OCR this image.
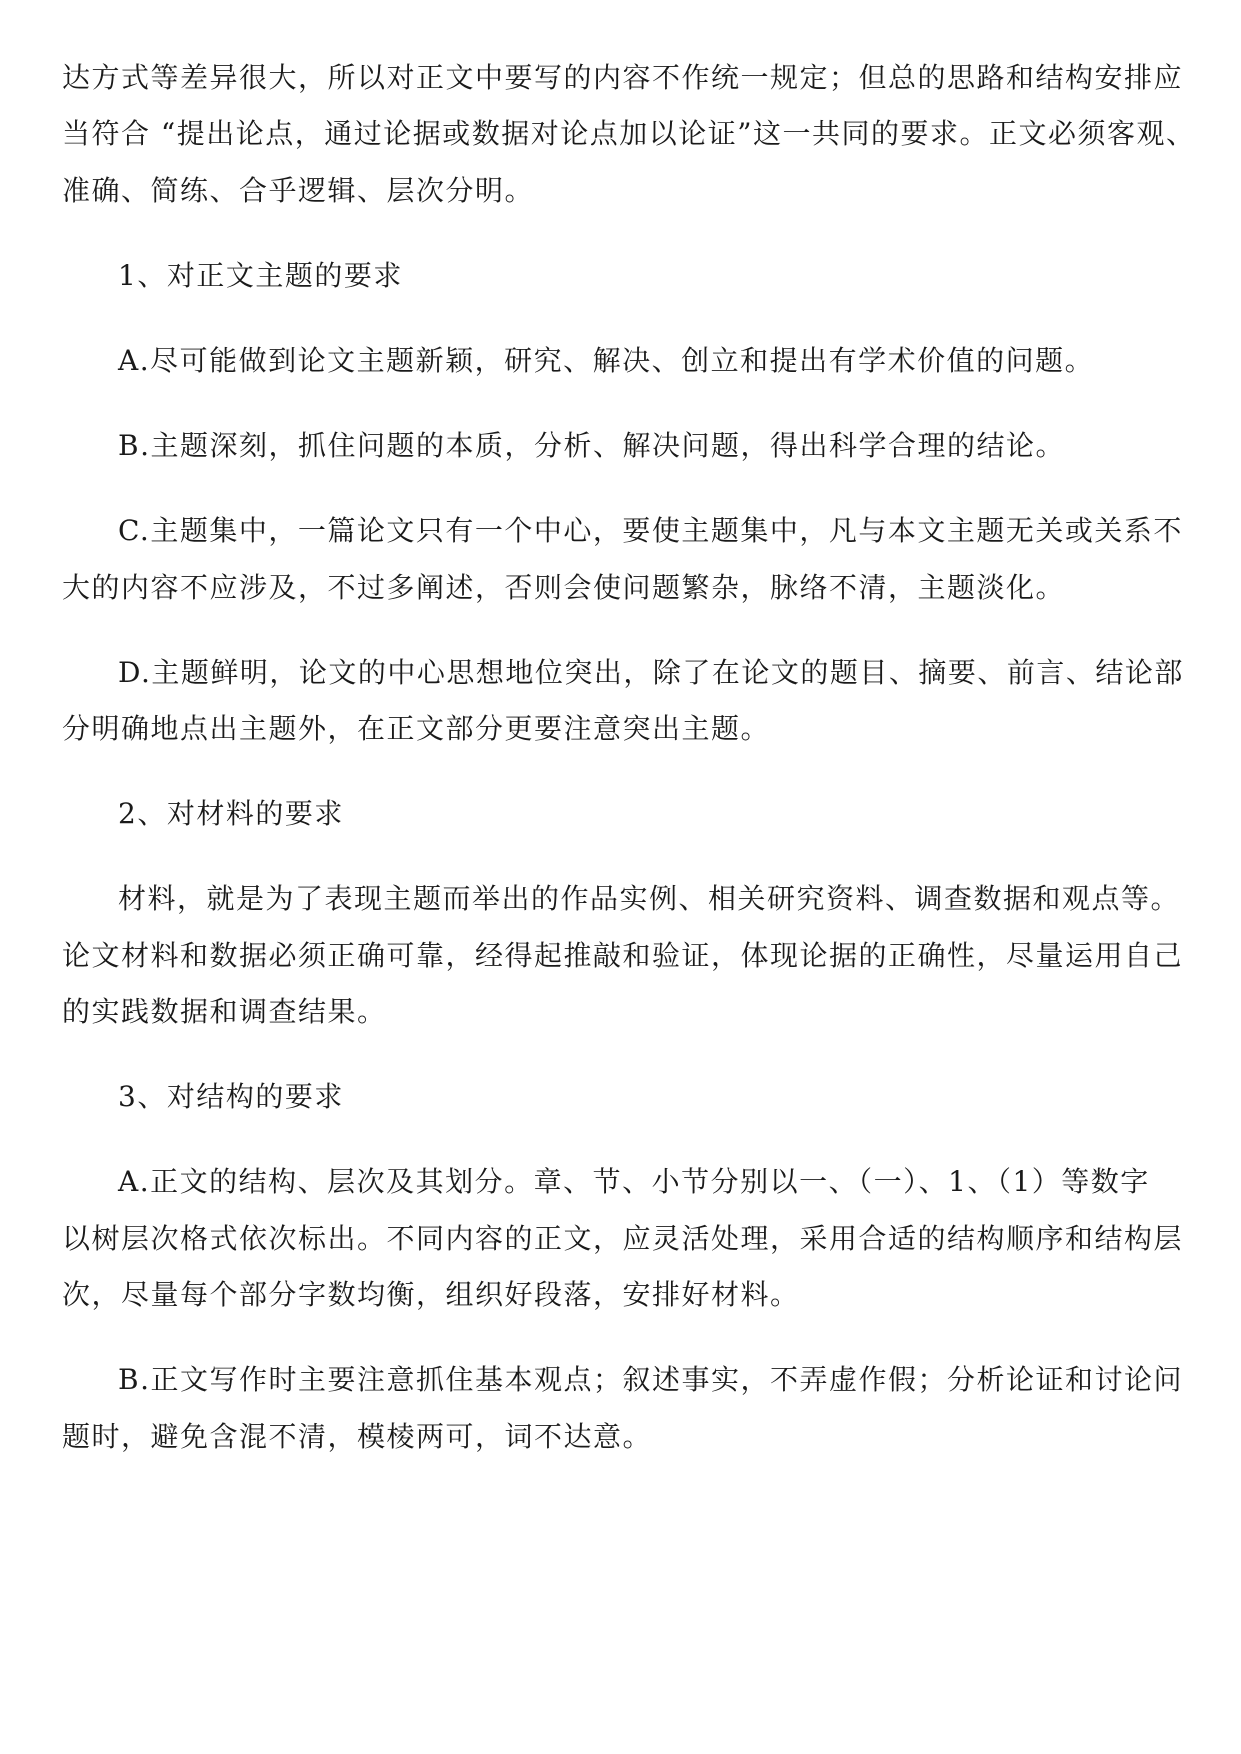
达方式等差异很大，所以对正文中要写的内容不作统一规定；但总的思路和结构安排应
当符合 “提出论点，通过论据或数据对论点加以论证”这一共同的要求。正文必须客观、
准确、简练、合乎逻辑、层次分明。
1、对正文主题的要求
A.尽可能做到论文主题新颖，研究、解决、创立和提出有学术价值的问题。
B.主题深刻，抓住问题的本质，分析、解决问题，得出科学合理的结论。
C.主题集中，一篇论文只有一个中心，要使主题集中，凡与本文主题无关或关系不
大的内容不应涉及，不过多阐述，否则会使问题繁杂，脉络不清，主题淡化。
D.主题鲜明，论文的中心思想地位突出，除了在论文的题目、摘要、前言、结论部
分明确地点出主题外，在正文部分更要注意突出主题。
2、对材料的要求
材料，就是为了表现主题而举出的作品实例、相关研究资料、调查数据和观点等。
论文材料和数据必须正确可靠，经得起推敲和验证，体现论据的正确性，尽量运用自己
的实践数据和调查结果。
3、对结构的要求
A.正文的结构、层次及其划分。章、节、小节分别以一、（一）、1、（1）等数字
以树层次格式依次标出。不同内容的正文，应灵活处理，采用合适的结构顺序和结构层
次，尽量每个部分字数均衡，组织好段落，安排好材料。
B.正文写作时主要注意抓住基本观点；叙述事实，不弄虚作假；分析论证和讨论问
题时，避免含混不清，模棱两可，词不达意。
